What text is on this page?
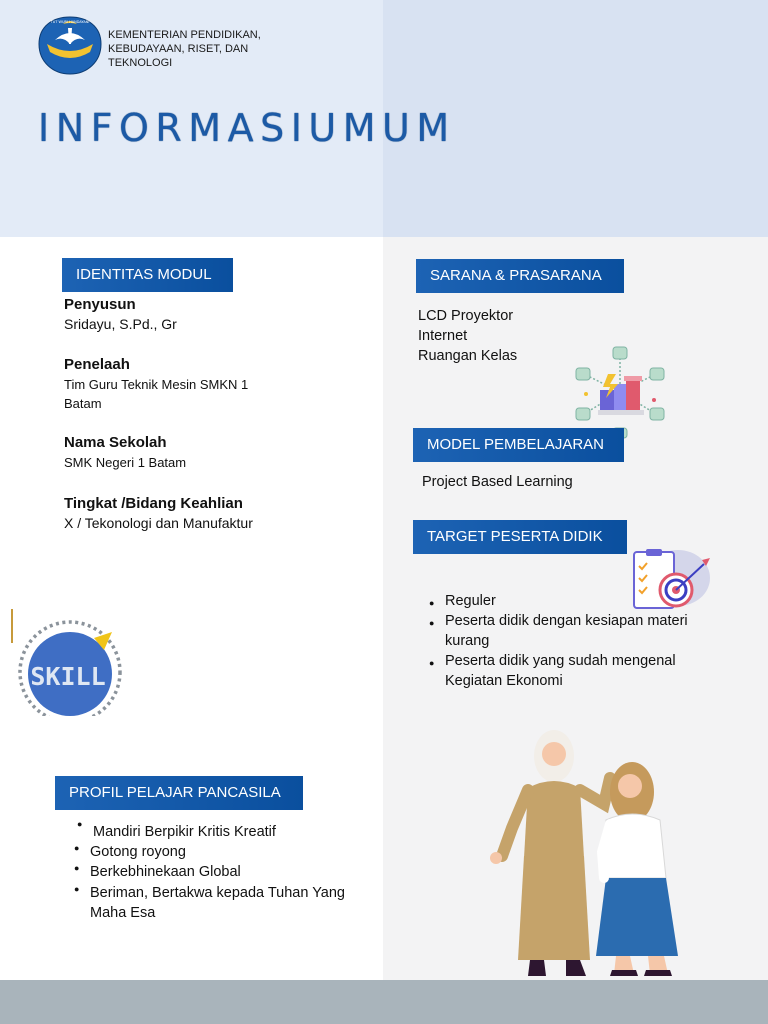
TUT WURI HANDAYANI
KEMENTERIAN PENDIDIKAN,
KEBUDAYAAN, RISET, DAN
TEKNOLOGI
INFORMASIUMUM
IDENTITAS MODUL
Penyusun
Sridayu, S.Pd., Gr
Penelaah
Tim Guru Teknik Mesin SMKN 1
Batam
Nama Sekolah
SMK Negeri 1 Batam
Tingkat /Bidang Keahlian
X / Tekonologi dan Manufaktur
SKILL
PROFIL PELAJAR PANCASILA
● Mandiri Berpikir Kritis Kreatif
● Gotong royong
● Berkebhinekaan Global
● Beriman, Bertakwa kepada Tuhan Yang
Maha Esa
SARANA & PRASARANA
LCD Proyektor
Internet
Ruangan Kelas
MODEL PEMBELAJARAN
Project Based Learning
TARGET PESERTA DIDIK
● Reguler
● Peserta didik dengan kesiapan materi
kurang
● Peserta didik yang sudah mengenal
Kegiatan Ekonomi
